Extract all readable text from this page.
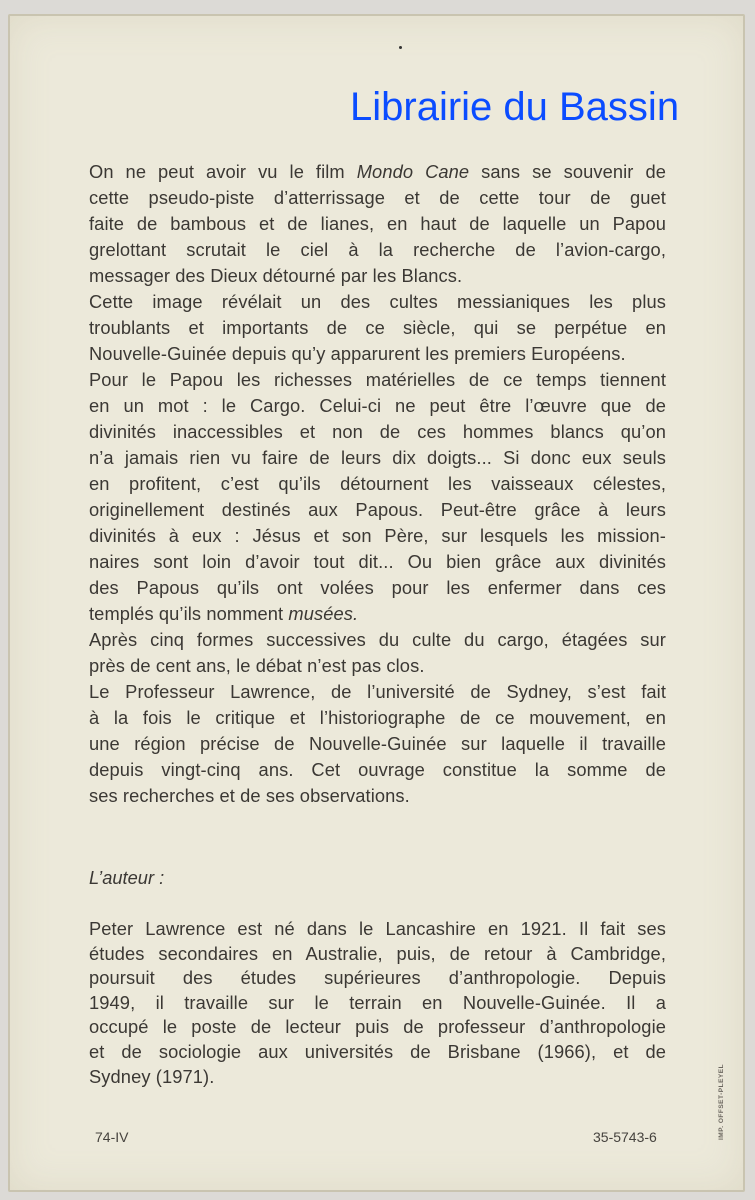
Librairie du Bassin
On ne peut avoir vu le film Mondo Cane sans se souvenir de
cette pseudo-piste d’atterrissage et de cette tour de guet
faite de bambous et de lianes, en haut de laquelle un Papou
grelottant scrutait le ciel à la recherche de l’avion-cargo,
messager des Dieux détourné par les Blancs.
Cette image révélait un des cultes messianiques les plus
troublants et importants de ce siècle, qui se perpétue en
Nouvelle-Guinée depuis qu’y apparurent les premiers Européens.
Pour le Papou les richesses matérielles de ce temps tiennent
en un mot : le Cargo. Celui-ci ne peut être l’œuvre que de
divinités inaccessibles et non de ces hommes blancs qu’on
n’a jamais rien vu faire de leurs dix doigts... Si donc eux seuls
en profitent, c’est qu’ils détournent les vaisseaux célestes,
originellement destinés aux Papous. Peut-être grâce à leurs
divinités à eux : Jésus et son Père, sur lesquels les mission-
naires sont loin d’avoir tout dit... Ou bien grâce aux divinités
des Papous qu’ils ont volées pour les enfermer dans ces
templés qu’ils nomment musées.
Après cinq formes successives du culte du cargo, étagées sur
près de cent ans, le débat n’est pas clos.
Le Professeur Lawrence, de l’université de Sydney, s’est fait
à la fois le critique et l’historiographe de ce mouvement, en
une région précise de Nouvelle-Guinée sur laquelle il travaille
depuis vingt-cinq ans. Cet ouvrage constitue la somme de
ses recherches et de ses observations.
L’auteur :
Peter Lawrence est né dans le Lancashire en 1921. Il fait ses
études secondaires en Australie, puis, de retour à Cambridge,
poursuit des études supérieures d’anthropologie. Depuis
1949, il travaille sur le terrain en Nouvelle-Guinée. Il a
occupé le poste de lecteur puis de professeur d’anthropologie
et de sociologie aux universités de Brisbane (1966), et de
Sydney (1971).
74-IV	35-5743-6	IMP. OFFSET-PLEYEL
